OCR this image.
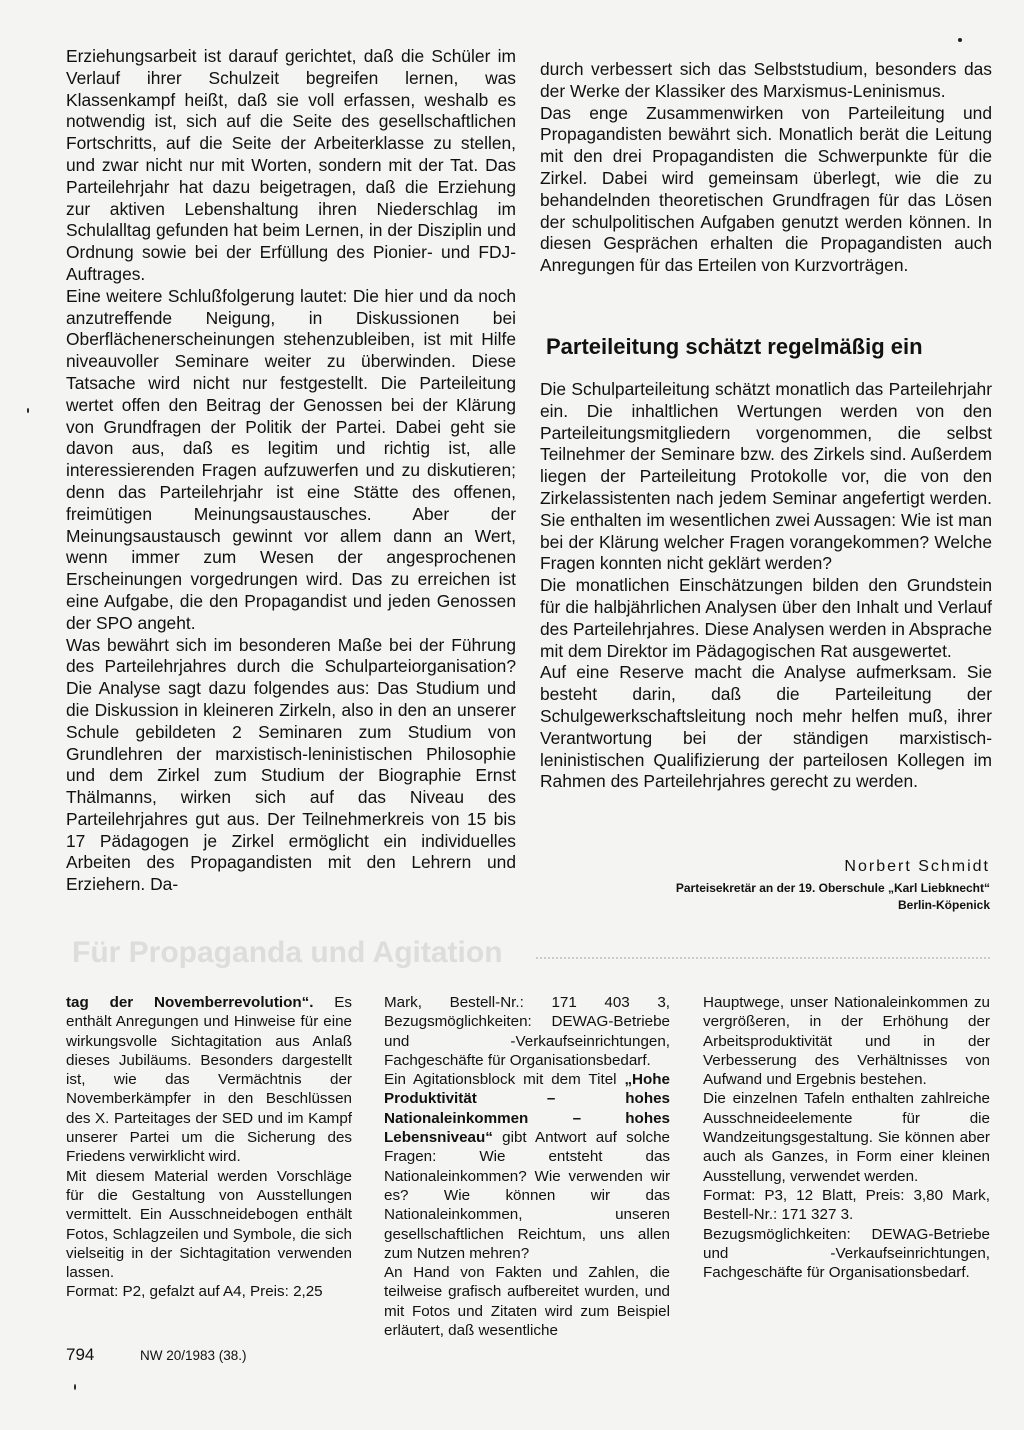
Erziehungsarbeit ist darauf gerichtet, daß die Schüler im Verlauf ihrer Schulzeit begreifen lernen, was Klassenkampf heißt, daß sie voll erfassen, weshalb es notwendig ist, sich auf die Seite des gesellschaftlichen Fortschritts, auf die Seite der Arbeiterklasse zu stellen, und zwar nicht nur mit Worten, sondern mit der Tat. Das Parteilehrjahr hat dazu beigetragen, daß die Erziehung zur aktiven Lebenshaltung ihren Niederschlag im Schulalltag gefunden hat beim Lernen, in der Disziplin und Ordnung sowie bei der Erfüllung des Pionier- und FDJ-Auftrages.

Eine weitere Schlußfolgerung lautet: Die hier und da noch anzutreffende Neigung, in Diskussionen bei Oberflächenerscheinungen stehenzubleiben, ist mit Hilfe niveauvoller Seminare weiter zu überwinden. Diese Tatsache wird nicht nur festgestellt. Die Parteileitung wertet offen den Beitrag der Genossen bei der Klärung von Grundfragen der Politik der Partei. Dabei geht sie davon aus, daß es legitim und richtig ist, alle interessierenden Fragen aufzuwerfen und zu diskutieren; denn das Parteilehrjahr ist eine Stätte des offenen, freimütigen Meinungsaustausches. Aber der Meinungsaustausch gewinnt vor allem dann an Wert, wenn immer zum Wesen der angesprochenen Erscheinungen vorgedrungen wird. Das zu erreichen ist eine Aufgabe, die den Propagandist und jeden Genossen der SPO angeht.

Was bewährt sich im besonderen Maße bei der Führung des Parteilehrjahres durch die Schulparteiorganisation? Die Analyse sagt dazu folgendes aus: Das Studium und die Diskussion in kleineren Zirkeln, also in den an unserer Schule gebildeten 2 Seminaren zum Studium von Grundlehren der marxistisch-leninistischen Philosophie und dem Zirkel zum Studium der Biographie Ernst Thälmanns, wirken sich auf das Niveau des Parteilehrjahres gut aus. Der Teilnehmerkreis von 15 bis 17 Pädagogen je Zirkel ermöglicht ein individuelles Arbeiten des Propagandisten mit den Lehrern und Erziehern. Da-

durch verbessert sich das Selbststudium, besonders das der Werke der Klassiker des Marxismus-Leninismus.

Das enge Zusammenwirken von Parteileitung und Propagandisten bewährt sich. Monatlich berät die Leitung mit den drei Propagandisten die Schwerpunkte für die Zirkel. Dabei wird gemeinsam überlegt, wie die zu behandelnden theoretischen Grundfragen für das Lösen der schulpolitischen Aufgaben genutzt werden können. In diesen Gesprächen erhalten die Propagandisten auch Anregungen für das Erteilen von Kurzvorträgen.

Parteileitung schätzt regelmäßig ein

Die Schulparteileitung schätzt monatlich das Parteilehrjahr ein. Die inhaltlichen Wertungen werden von den Parteileitungsmitgliedern vorgenommen, die selbst Teilnehmer der Seminare bzw. des Zirkels sind. Außerdem liegen der Parteileitung Protokolle vor, die von den Zirkelassistenten nach jedem Seminar angefertigt werden. Sie enthalten im wesentlichen zwei Aussagen: Wie ist man bei der Klärung welcher Fragen vorangekommen? Welche Fragen konnten nicht geklärt werden?

Die monatlichen Einschätzungen bilden den Grundstein für die halbjährlichen Analysen über den Inhalt und Verlauf des Parteilehrjahres. Diese Analysen werden in Absprache mit dem Direktor im Pädagogischen Rat ausgewertet.

Auf eine Reserve macht die Analyse aufmerksam. Sie besteht darin, daß die Parteileitung der Schulgewerkschaftsleitung noch mehr helfen muß, ihrer Verantwortung bei der ständigen marxistisch-leninistischen Qualifizierung der parteilosen Kollegen im Rahmen des Parteilehrjahres gerecht zu werden.

Norbert Schmidt
Parteisekretär an der 19. Oberschule „Karl Liebknecht“
Berlin-Köpenick
Für Propaganda und Agitation

tag der Novemberrevolution“. Es enthält Anregungen und Hinweise für eine wirkungsvolle Sichtagitation aus Anlaß dieses Jubiläums. Besonders dargestellt ist, wie das Vermächtnis der Novemberkämpfer in den Beschlüssen des X. Parteitages der SED und im Kampf unserer Partei um die Sicherung des Friedens verwirklicht wird.

Mit diesem Material werden Vorschläge für die Gestaltung von Ausstellungen vermittelt. Ein Ausschneidebogen enthält Fotos, Schlagzeilen und Symbole, die sich vielseitig in der Sichtagitation verwenden lassen.

Format: P2, gefalzt auf A4, Preis: 2,25

Mark, Bestell-Nr.: 171 403 3, Bezugsmöglichkeiten: DEWAG-Betriebe und -Verkaufseinrichtungen, Fachgeschäfte für Organisationsbedarf.

Ein Agitationsblock mit dem Titel „Hohe Produktivität – hohes Nationaleinkommen – hohes Lebensniveau“ gibt Antwort auf solche Fragen: Wie entsteht das Nationaleinkommen? Wie verwenden wir es? Wie können wir das Nationaleinkommen, unseren gesellschaftlichen Reichtum, uns allen zum Nutzen mehren?

An Hand von Fakten und Zahlen, die teilweise grafisch aufbereitet wurden, und mit Fotos und Zitaten wird zum Beispiel erläutert, daß wesentliche

Hauptwege, unser Nationaleinkommen zu vergrößeren, in der Erhöhung der Arbeitsproduktivität und in der Verbesserung des Verhältnisses von Aufwand und Ergebnis bestehen.

Die einzelnen Tafeln enthalten zahlreiche Ausschneideelemente für die Wandzeitungsgestaltung. Sie können aber auch als Ganzes, in Form einer kleinen Ausstellung, verwendet werden.

Format: P3, 12 Blatt, Preis: 3,80 Mark, Bestell-Nr.: 171 327 3.

Bezugsmöglichkeiten: DEWAG-Betriebe und -Verkaufseinrichtungen, Fachgeschäfte für Organisationsbedarf.

794	NW 20/1983 (38.)
